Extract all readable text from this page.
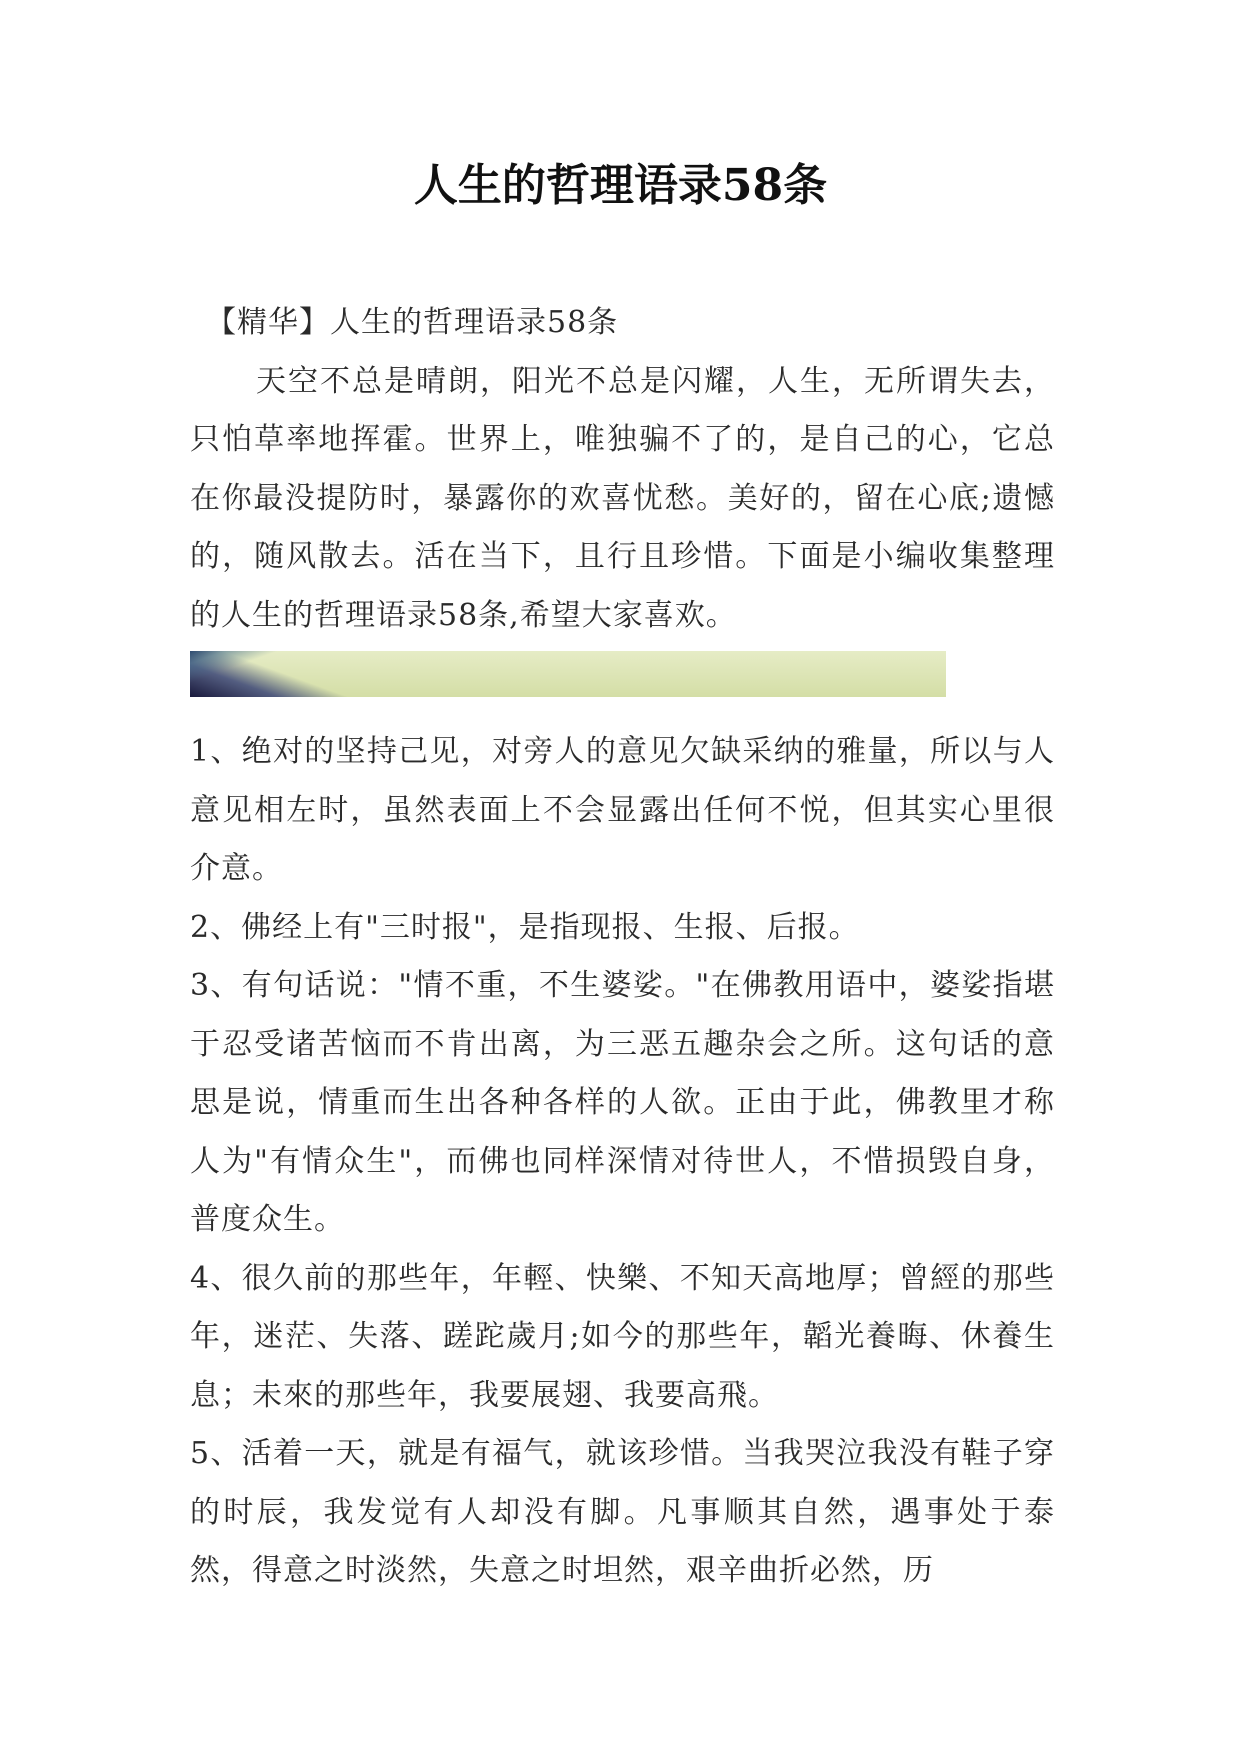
人生的哲理语录58条

【精华】人生的哲理语录58条

天空不总是晴朗，阳光不总是闪耀，人生，无所谓失去，只怕草率地挥霍。世界上，唯独骗不了的，是自己的心，它总在你最没提防时，暴露你的欢喜忧愁。美好的，留在心底;遗憾的，随风散去。活在当下，且行且珍惜。下面是小编收集整理的人生的哲理语录58条,希望大家喜欢。

1、绝对的坚持己见，对旁人的意见欠缺采纳的雅量，所以与人意见相左时，虽然表面上不会显露出任何不悦，但其实心里很介意。

2、佛经上有"三时报"，是指现报、生报、后报。

3、有句话说："情不重，不生婆娑。"在佛教用语中，婆娑指堪于忍受诸苦恼而不肯出离，为三恶五趣杂会之所。这句话的意思是说，情重而生出各种各样的人欲。正由于此，佛教里才称人为"有情众生"，而佛也同样深情对待世人，不惜损毁自身，普度众生。

4、很久前的那些年，年輕、快樂、不知天高地厚；曾經的那些年，迷茫、失落、蹉跎歲月;如今的那些年，韜光養晦、休養生息；未來的那些年，我要展翅、我要高飛。

5、活着一天，就是有福气，就该珍惜。当我哭泣我没有鞋子穿的时辰，我发觉有人却没有脚。凡事顺其自然，遇事处于泰然，得意之时淡然，失意之时坦然，艰辛曲折必然，历
